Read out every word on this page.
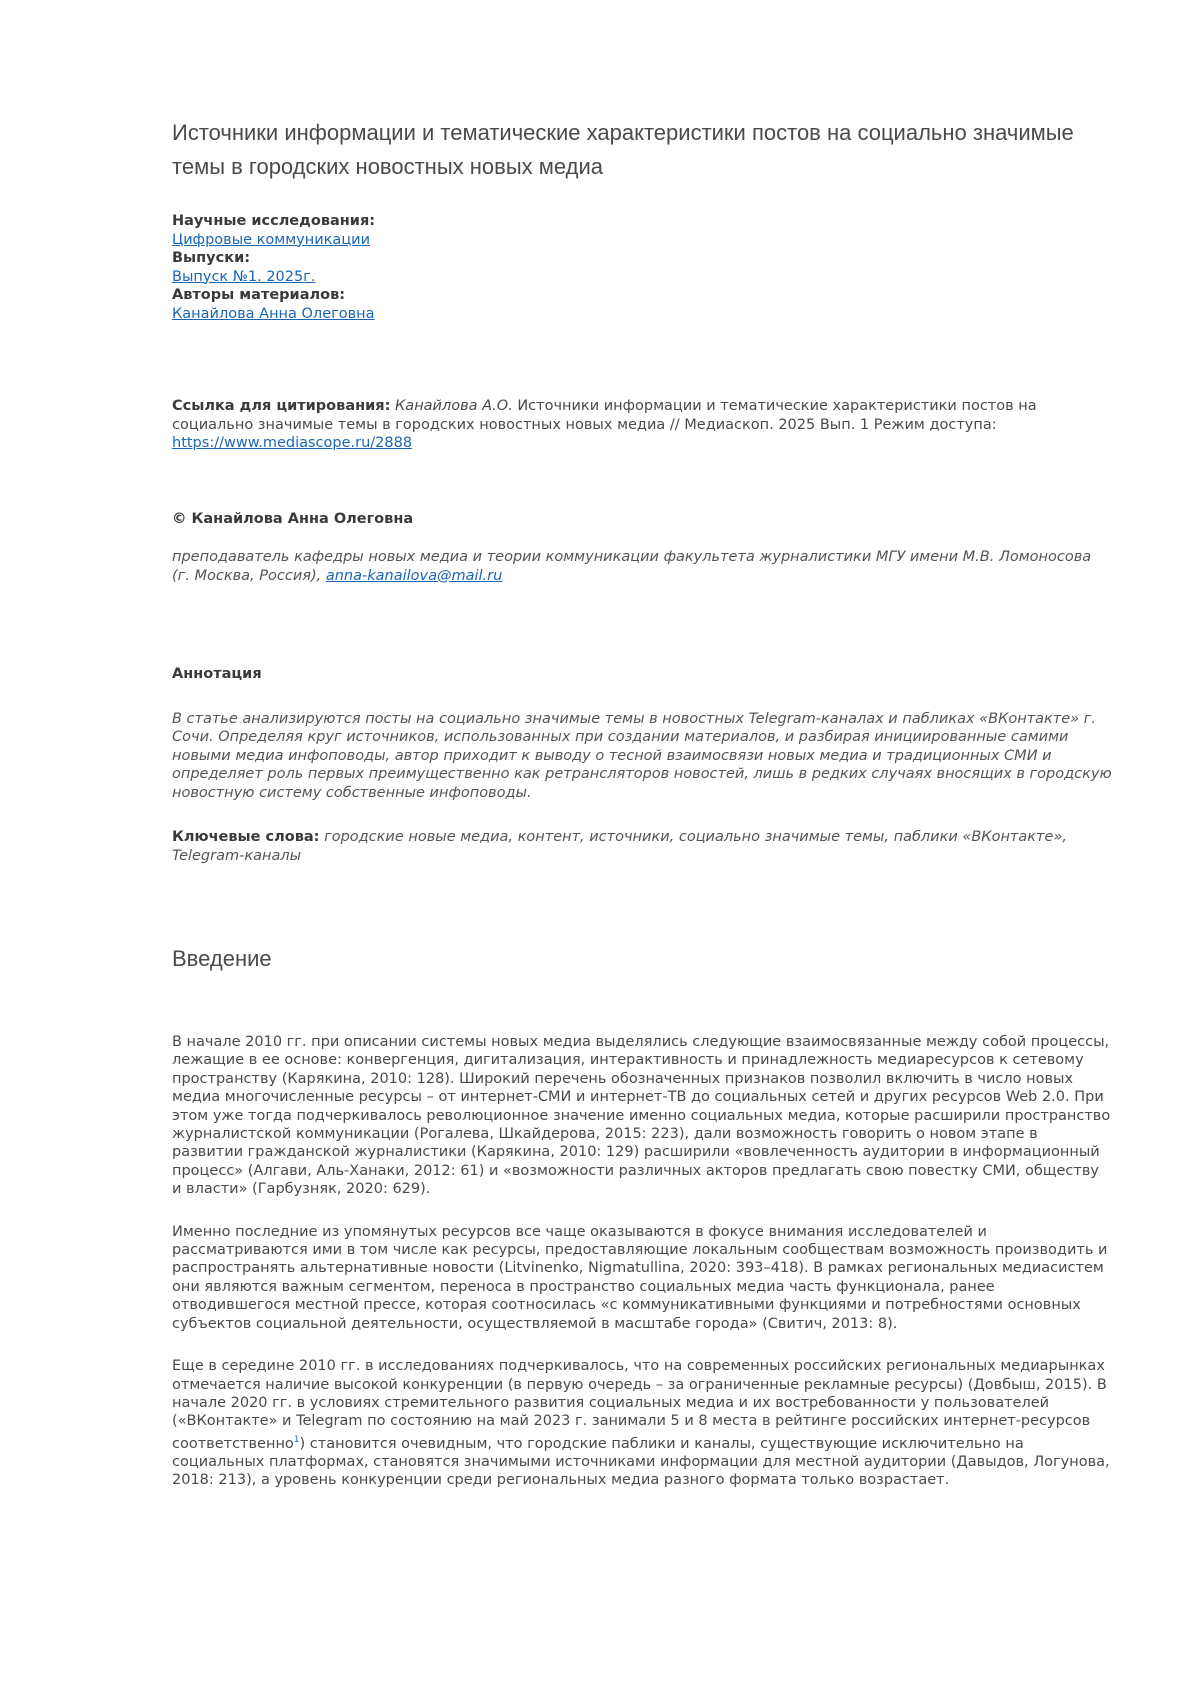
Источники информации и тематические характеристики постов на социально значимые темы в городских новостных новых медиа
Научные исследования:
Цифровые коммуникации
Выпуски:
Выпуск №1. 2025г.
Авторы материалов:
Канайлова Анна Олеговна
Ссылка для цитирования: Канайлова А.О. Источники информации и тематические характеристики постов на социально значимые темы в городских новостных новых медиа // Медиаскоп. 2025 Вып. 1 Режим доступа: https://www.mediascope.ru/2888
© Канайлова Анна Олеговна
преподаватель кафедры новых медиа и теории коммуникации факультета журналистики МГУ имени М.В. Ломоносова (г. Москва, Россия), anna-kanailova@mail.ru
Аннотация
В статье анализируются посты на социально значимые темы в новостных Telegram-каналах и пабликах «ВКонтакте» г. Сочи. Определяя круг источников, использованных при создании материалов, и разбирая инициированные самими новыми медиа инфоповоды, автор приходит к выводу о тесной взаимосвязи новых медиа и традиционных СМИ и определяет роль первых преимущественно как ретрансляторов новостей, лишь в редких случаях вносящих в городскую новостную систему собственные инфоповоды.
Ключевые слова: городские новые медиа, контент, источники, социально значимые темы, паблики «ВКонтакте», Telegram-каналы
Введение
В начале 2010 гг. при описании системы новых медиа выделялись следующие взаимосвязанные между собой процессы, лежащие в ее основе: конвергенция, дигитализация, интерактивность и принадлежность медиаресурсов к сетевому пространству (Карякина, 2010: 128). Широкий перечень обозначенных признаков позволил включить в число новых медиа многочисленные ресурсы – от интернет-СМИ и интернет-ТВ до социальных сетей и других ресурсов Web 2.0. При этом уже тогда подчеркивалось революционное значение именно социальных медиа, которые расширили пространство журналистской коммуникации (Рогалева, Шкайдерова, 2015: 223), дали возможность говорить о новом этапе в развитии гражданской журналистики (Карякина, 2010: 129) расширили «вовлеченность аудитории в информационный процесс» (Алгави, Аль-Ханаки, 2012: 61) и «возможности различных акторов предлагать свою повестку СМИ, обществу и власти» (Гарбузняк, 2020: 629).
Именно последние из упомянутых ресурсов все чаще оказываются в фокусе внимания исследователей и рассматриваются ими в том числе как ресурсы, предоставляющие локальным сообществам возможность производить и распространять альтернативные новости (Litvinenko, Nigmatullina, 2020: 393–418). В рамках региональных медиасистем они являются важным сегментом, переноса в пространство социальных медиа часть функционала, ранее отводившегося местной прессе, которая соотносилась «с коммуникативными функциями и потребностями основных субъектов социальной деятельности, осуществляемой в масштабе города» (Свитич, 2013: 8).
Еще в середине 2010 гг. в исследованиях подчеркивалось, что на современных российских региональных медиарынках отмечается наличие высокой конкуренции (в первую очередь – за ограниченные рекламные ресурсы) (Довбыш, 2015). В начале 2020 гг. в условиях стремительного развития социальных медиа и их востребованности у пользователей («ВКонтакте» и Telegram по состоянию на май 2023 г. занимали 5 и 8 места в рейтинге российских интернет-ресурсов соответственно1) становится очевидным, что городские паблики и каналы, существующие исключительно на социальных платформах, становятся значимыми источниками информации для местной аудитории (Давыдов, Логунова, 2018: 213), а уровень конкуренции среди региональных медиа разного формата только возрастает.
